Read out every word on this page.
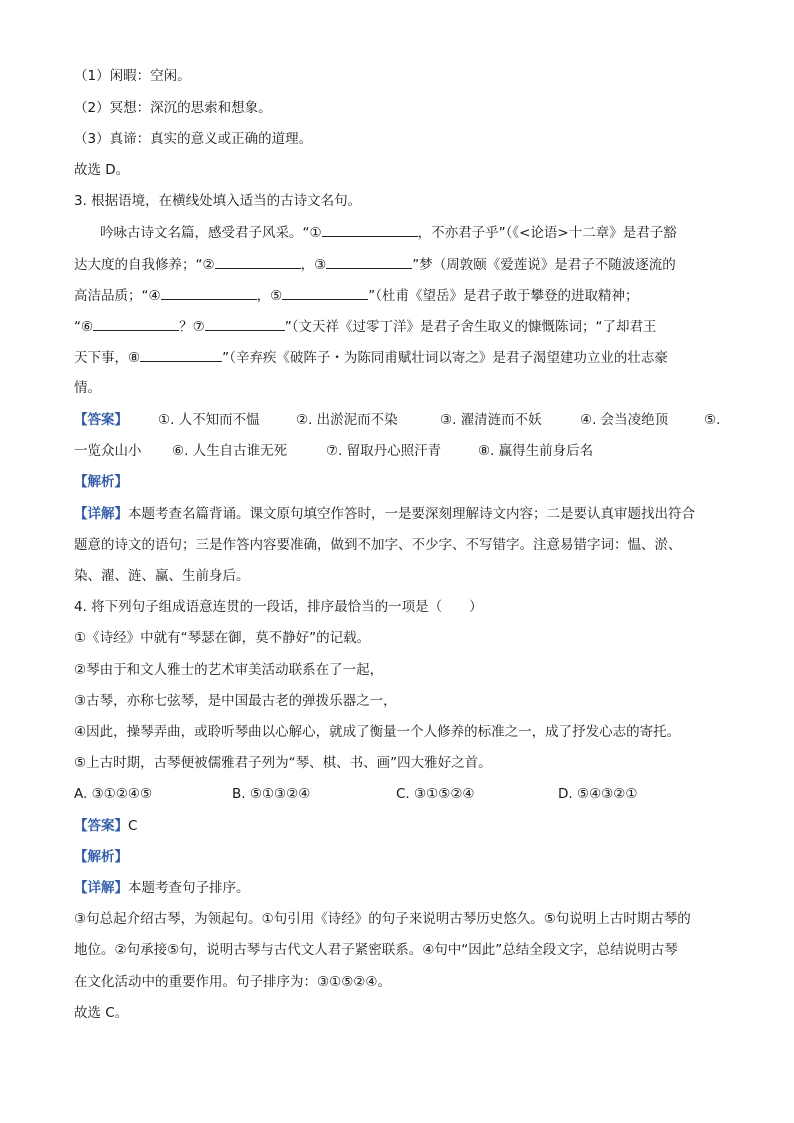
（1）闲暇：空闲。
（2）冥想：深沉的思索和想象。
（3）真谛：真实的意义或正确的道理。
故选 D。
3. 根据语境，在横线处填入适当的古诗文名句。
吟咏古诗文名篇，感受君子风采。“①	，不亦君子乎”（《<论语>十二章》是君子豁
达大度的自我修养；“②	，③	”梦（周敦颐《爱莲说》是君子不随波逐流的
高洁品质；“④	，⑤	”（杜甫《望岳》是君子敢于攀登的进取精神；
“⑥	？⑦	”（文天祥《过零丁洋》是君子舍生取义的慷慨陈词；“了却君王
天下事，⑧	”（辛弃疾《破阵子・为陈同甫赋壮词以寄之》是君子渴望建功立业的壮志豪
情。
【答案】 ①. 人不知而不愠	②. 出淤泥而不染	③. 濯清涟而不妖	④. 会当凌绝顶	⑤.
一览众山小 ⑥. 人生自古谁无死	⑦. 留取丹心照汗青	⑧. 赢得生前身后名
【解析】
【详解】本题考查名篇背诵。课文原句填空作答时，一是要深刻理解诗文内容；二是要认真审题找出符合
题意的诗文的语句；三是作答内容要准确，做到不加字、不少字、不写错字。注意易错字词：愠、淤、
染、濯、涟、赢、生前身后。
4. 将下列句子组成语意连贯的一段话，排序最恰当的一项是（　　）
①《诗经》中就有“琴瑟在御，莫不静好”的记载。
②琴由于和文人雅士的艺术审美活动联系在了一起，
③古琴，亦称七弦琴，是中国最古老的弹拨乐器之一，
④因此，操琴弄曲，或聆听琴曲以心解心，就成了衡量一个人修养的标准之一，成了抒发心志的寄托。
⑤上古时期，古琴便被儒雅君子列为“琴、棋、书、画”四大雅好之首。
A. ③①②④⑤	B. ⑤①③②④	C. ③①⑤②④	D. ⑤④③②①
【答案】C
【解析】
【详解】本题考查句子排序。
③句总起介绍古琴，为领起句。①句引用《诗经》的句子来说明古琴历史悠久。⑤句说明上古时期古琴的
地位。②句承接⑤句，说明古琴与古代文人君子紧密联系。④句中“因此”总结全段文字，总结说明古琴
在文化活动中的重要作用。句子排序为：③①⑤②④。
故选 C。
